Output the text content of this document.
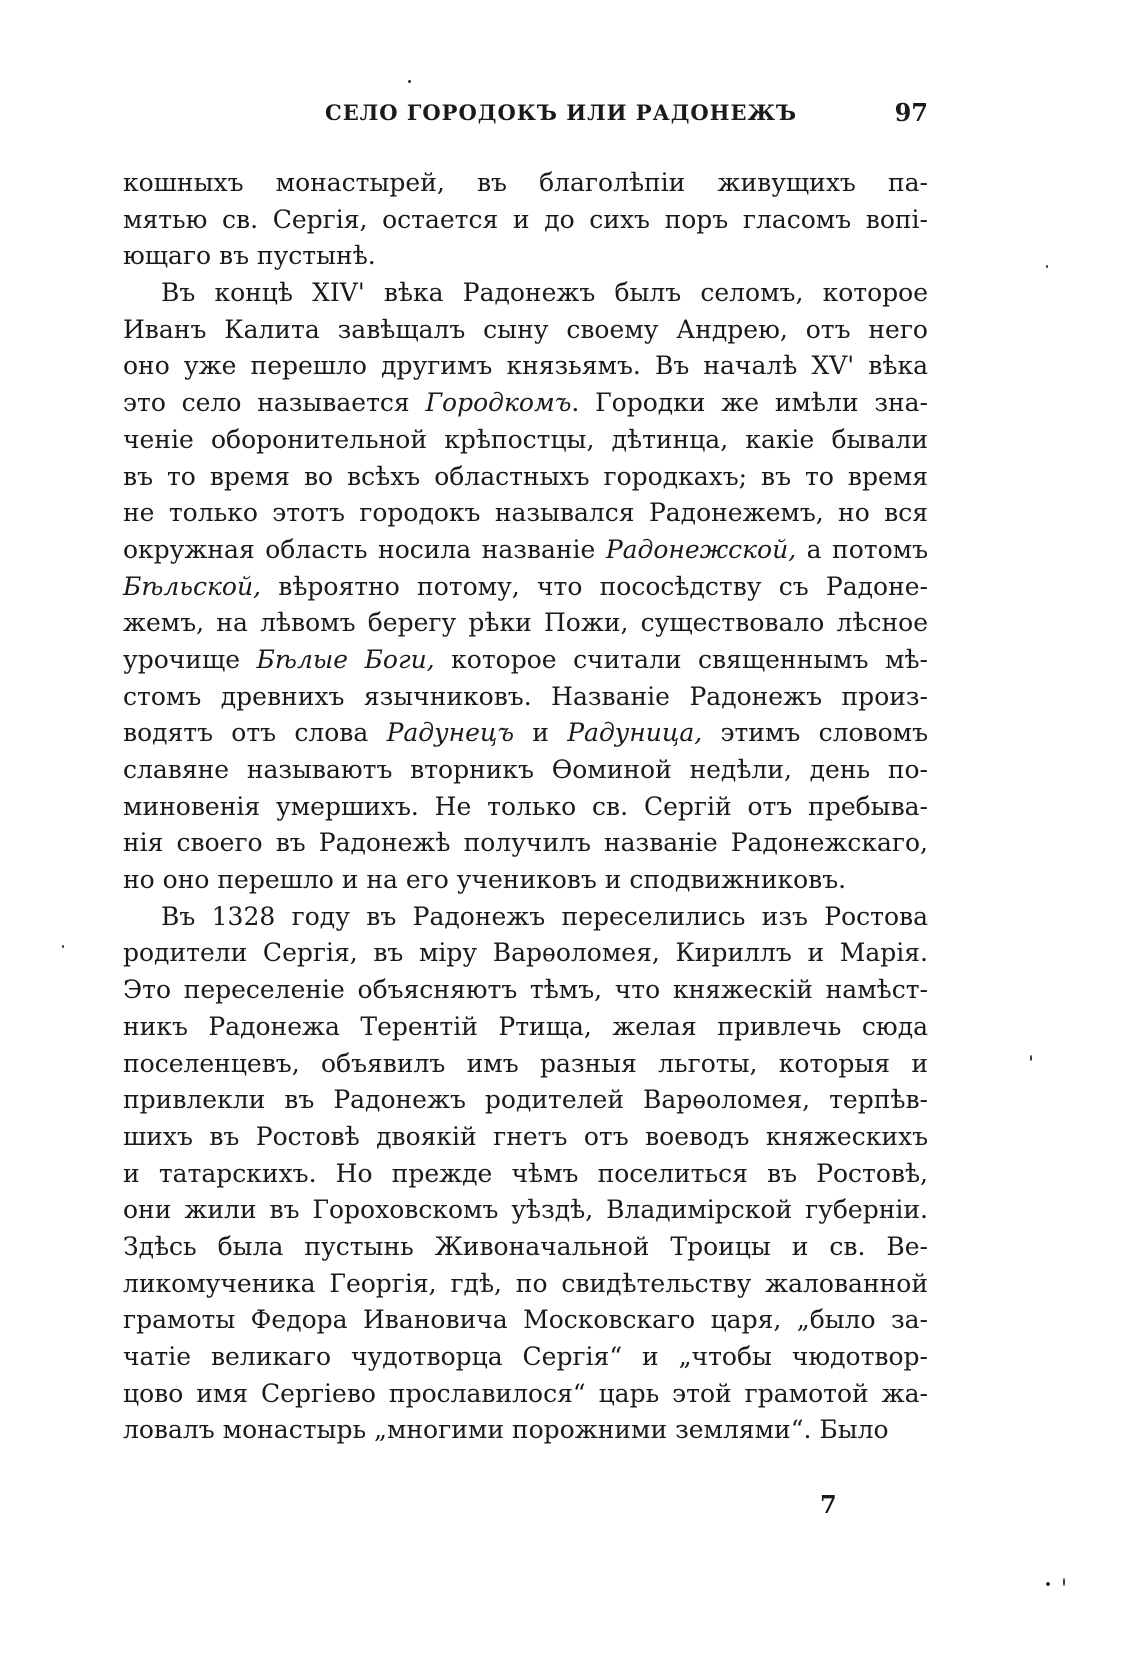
СЕЛО ГОРОДОКЪ ИЛИ РАДОНЕЖЪ	97
кошныхъ монастырей, въ благолѣпіи живущихъ па-
мятью св. Сергія, остается и до сихъ поръ гласомъ вопі-
ющаго въ пустынѣ.
Въ концѣ XIV' вѣка Радонежъ былъ селомъ, которое
Иванъ Калита завѣщалъ сыну своему Андрею, отъ него
оно уже перешло другимъ князьямъ. Въ началѣ XV' вѣка
это село называется Городкомъ. Городки же имѣли зна-
ченіе оборонительной крѣпостцы, дѣтинца, какіе бывали
въ то время во всѣхъ областныхъ городкахъ; въ то время
не только этотъ городокъ назывался Радонежемъ, но вся
окружная область носила названіе Радонежской, а потомъ
Бѣльской, вѣроятно потому, что пососѣдству съ Радоне-
жемъ, на лѣвомъ берегу рѣки Пожи, существовало лѣсное
урочище Бѣлые Боги, которое считали священнымъ мѣ-
стомъ древнихъ язычниковъ. Названіе Радонежъ произ-
водятъ отъ слова Радунецъ и Радуница, этимъ словомъ
славяне называютъ вторникъ Ѳоминой недѣли, день по-
миновенія умершихъ. Не только св. Сергій отъ пребыва-
нія своего въ Радонежѣ получилъ названіе Радонежскаго,
но оно перешло и на его учениковъ и сподвижниковъ.
Въ 1328 году въ Радонежъ переселились изъ Ростова
родители Сергія, въ міру Варѳоломея, Кириллъ и Марія.
Это переселеніе объясняютъ тѣмъ, что княжескій намѣст-
никъ Радонежа Терентій Ртища, желая привлечь сюда
поселенцевъ, объявилъ имъ разныя льготы, которыя и
привлекли въ Радонежъ родителей Варѳоломея, терпѣв-
шихъ въ Ростовѣ двоякій гнетъ отъ воеводъ княжескихъ
и татарскихъ. Но прежде чѣмъ поселиться въ Ростовѣ,
они жили въ Гороховскомъ уѣздѣ, Владимірской губерніи.
Здѣсь была пустынь Живоначальной Троицы и св. Ве-
ликомученика Георгія, гдѣ, по свидѣтельству жалованной
грамоты Федора Ивановича Московскаго царя, „было за-
чатіе великаго чудотворца Сергія“ и „чтобы чюдотвор-
цово имя Сергіево прославилося“ царь этой грамотой жа-
ловалъ монастырь „многими порожними землями“. Было
7
